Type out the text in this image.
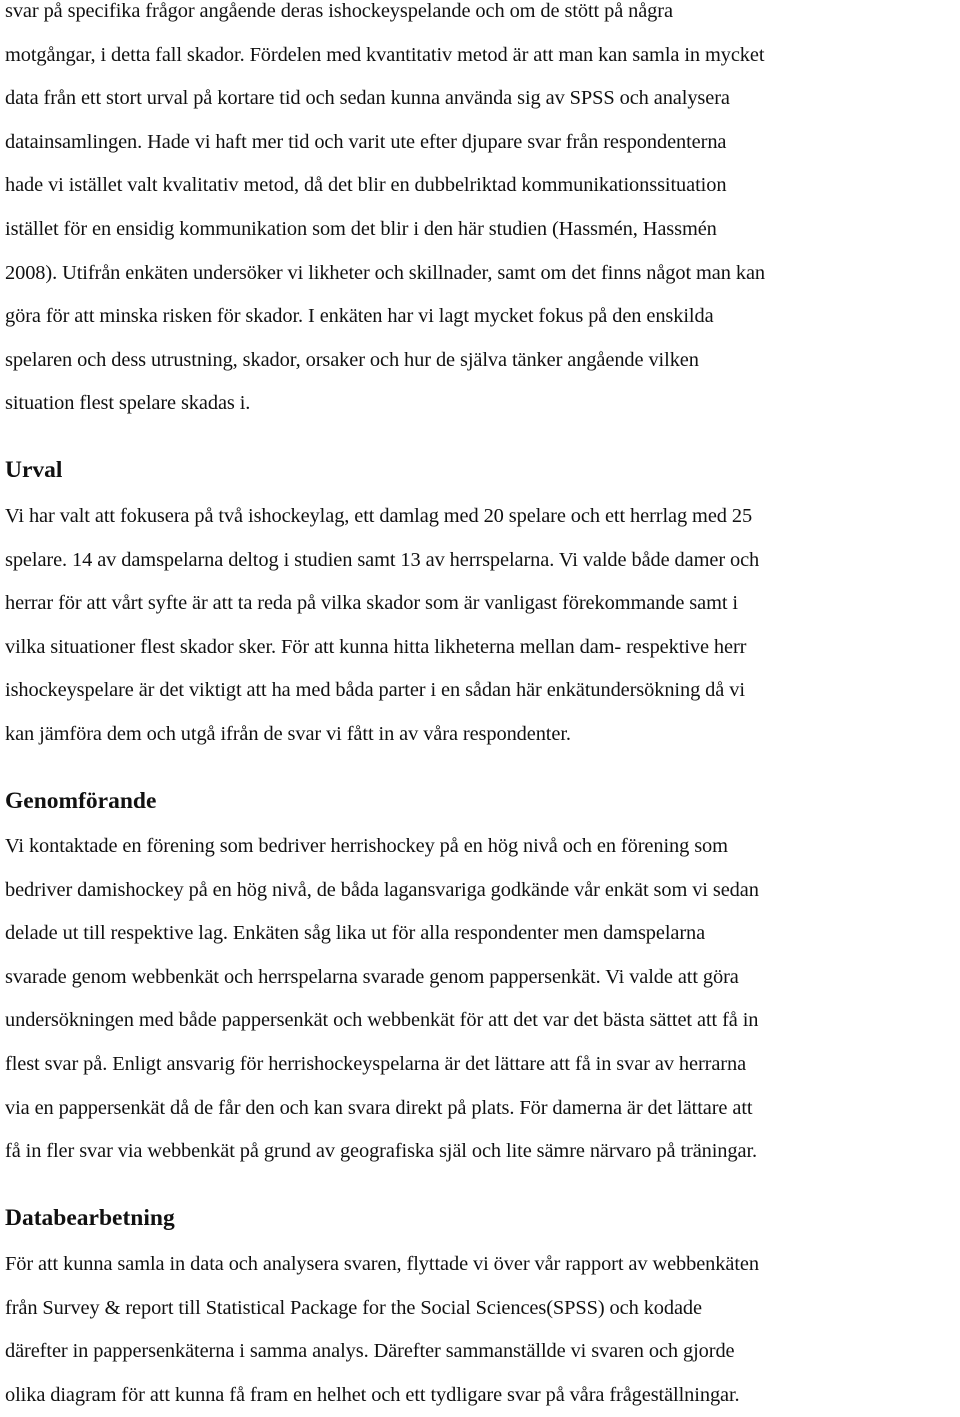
svar på specifika frågor angående deras ishockeyspelande och om de stött på några
motgångar, i detta fall skador. Fördelen med kvantitativ metod är att man kan samla in mycket
data från ett stort urval på kortare tid och sedan kunna använda sig av SPSS och analysera
datainsamlingen. Hade vi haft mer tid och varit ute efter djupare svar från respondenterna
hade vi istället valt kvalitativ metod, då det blir en dubbelriktad kommunikationssituation
istället för en ensidig kommunikation som det blir i den här studien (Hassmén, Hassmén
2008). Utifrån enkäten undersöker vi likheter och skillnader, samt om det finns något man kan
göra för att minska risken för skador. I enkäten har vi lagt mycket fokus på den enskilda
spelaren och dess utrustning, skador, orsaker och hur de själva tänker angående vilken
situation flest spelare skadas i.
Urval
Vi har valt att fokusera på två ishockeylag, ett damlag med 20 spelare och ett herrlag med 25
spelare. 14 av damspelarna deltog i studien samt 13 av herrspelarna. Vi valde både damer och
herrar för att vårt syfte är att ta reda på vilka skador som är vanligast förekommande samt i
vilka situationer flest skador sker. För att kunna hitta likheterna mellan dam- respektive herr
ishockeyspelare är det viktigt att ha med båda parter i en sådan här enkätundersökning då vi
kan jämföra dem och utgå ifrån de svar vi fått in av våra respondenter.
Genomförande
Vi kontaktade en förening som bedriver herrishockey på en hög nivå och en förening som
bedriver damishockey på en hög nivå, de båda lagansvariga godkände vår enkät som vi sedan
delade ut till respektive lag. Enkäten såg lika ut för alla respondenter men damspelarna
svarade genom webbenkät och herrspelarna svarade genom pappersenkät. Vi valde att göra
undersökningen med både pappersenkät och webbenkät för att det var det bästa sättet att få in
flest svar på. Enligt ansvarig för herrishockeyspelarna är det lättare att få in svar av herrarna
via en pappersenkät då de får den och kan svara direkt på plats. För damerna är det lättare att
få in fler svar via webbenkät på grund av geografiska själ och lite sämre närvaro på träningar.
Databearbetning
För att kunna samla in data och analysera svaren, flyttade vi över vår rapport av webbenkäten
från Survey & report till Statistical Package for the Social Sciences(SPSS) och kodade
därefter in pappersenkäterna i samma analys. Därefter sammanställde vi svaren och gjorde
olika diagram för att kunna få fram en helhet och ett tydligare svar på våra frågeställningar.
